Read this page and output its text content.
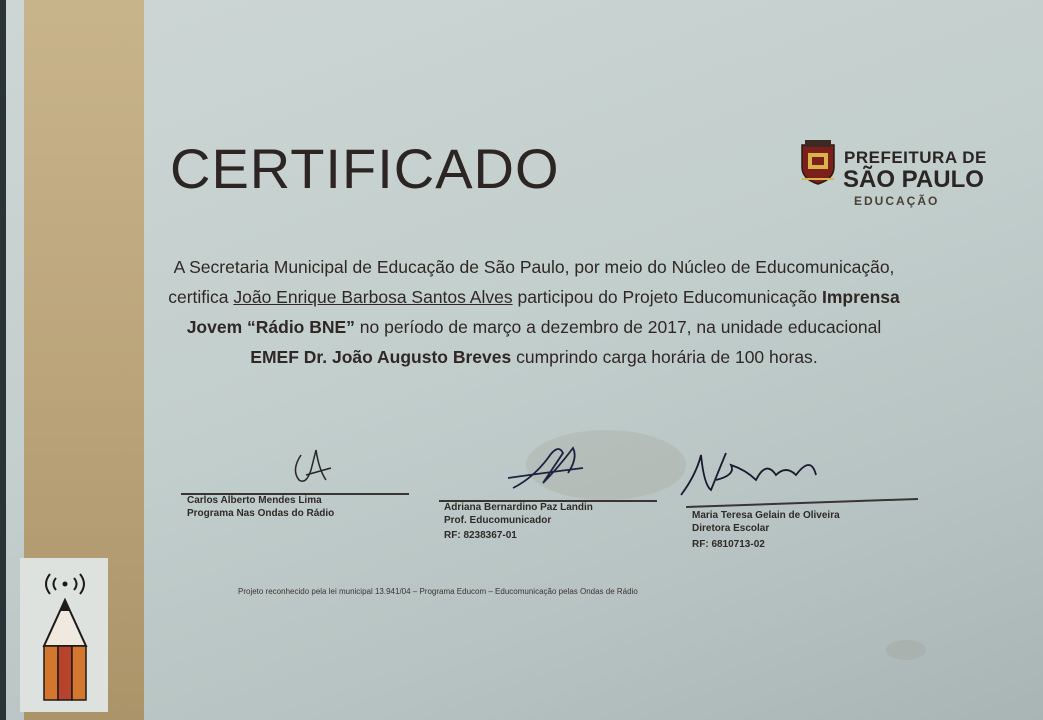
CERTIFICADO	PREFEITURA DE
SÃO PAULO
EDUCAÇÃO

A Secretaria Municipal de Educação de São Paulo, por meio do Núcleo de Educomunicação, certifica João Enrique Barbosa Santos Alves participou do Projeto Educomunicação Imprensa Jovem “Rádio BNE” no período de março a dezembro de 2017, na unidade educacional EMEF Dr. João Augusto Breves cumprindo carga horária de 100 horas.

Carlos Alberto Mendes Lima
Programa Nas Ondas do Rádio
Adriana Bernardino Paz Landin
Prof. Educomunicador
RF: 8238367-01
Maria Teresa Gelain de Oliveira
Diretora Escolar
RF: 6810713-02
Projeto reconhecido pela lei municipal 13.941/04 – Programa Educom – Educomunicação pelas Ondas de Rádio
